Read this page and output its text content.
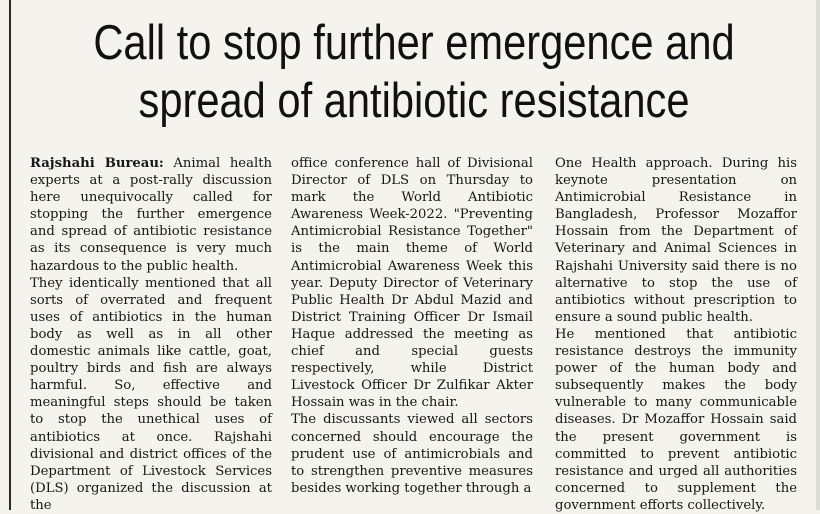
Call to stop further emergence and spread of antibiotic resistance

Rajshahi Bureau: Animal health experts at a post-rally discussion here unequivocally called for stopping the further emergence and spread of antibiotic resistance as its consequence is very much hazardous to the public health.

They identically mentioned that all sorts of overrated and frequent uses of antibiotics in the human body as well as in all other domestic animals like cattle, goat, poultry birds and fish are always harmful. So, effective and meaningful steps should be taken to stop the unethical uses of antibiotics at once. Rajshahi divisional and district offices of the Department of Livestock Services (DLS) organized the discussion at the

office conference hall of Divisional Director of DLS on Thursday to mark the World Antibiotic Awareness Week-2022. "Preventing Antimicrobial Resistance Together" is the main theme of World Antimicrobial Awareness Week this year. Deputy Director of Veterinary Public Health Dr Abdul Mazid and District Training Officer Dr Ismail Haque addressed the meeting as chief and special guests respectively, while District Livestock Officer Dr Zulfikar Akter Hossain was in the chair.

The discussants viewed all sectors concerned should encourage the prudent use of antimicrobials and to strengthen preventive measures besides working together through a

One Health approach. During his keynote presentation on Antimicrobial Resistance in Bangladesh, Professor Mozaffor Hossain from the Department of Veterinary and Animal Sciences in Rajshahi University said there is no alternative to stop the use of antibiotics without prescription to ensure a sound public health.

He mentioned that antibiotic resistance destroys the immunity power of the human body and subsequently makes the body vulnerable to many communicable diseases. Dr Mozaffor Hossain said the present government is committed to prevent antibiotic resistance and urged all authorities concerned to supplement the government efforts collectively.
